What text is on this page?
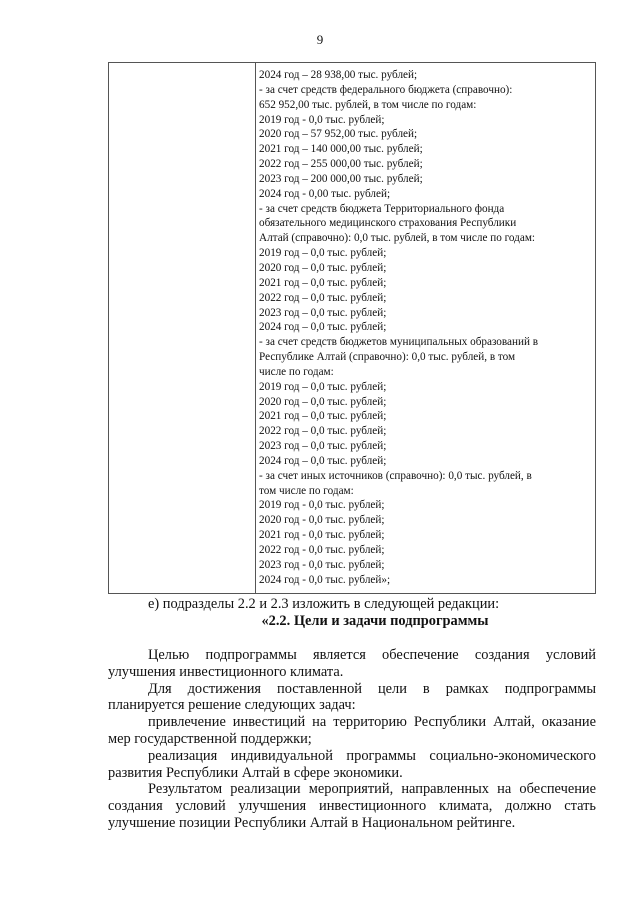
9
2024 год – 28 938,00 тыс. рублей;
- за счет средств федерального бюджета (справочно):
652 952,00 тыс. рублей, в том числе по годам:
2019 год - 0,0 тыс. рублей;
2020 год – 57 952,00 тыс. рублей;
2021 год – 140 000,00 тыс. рублей;
2022 год – 255 000,00 тыс. рублей;
2023 год – 200 000,00 тыс. рублей;
2024 год - 0,00 тыс. рублей;
- за счет средств бюджета Территориального фонда
обязательного медицинского страхования Республики
Алтай (справочно): 0,0 тыс. рублей, в том числе по годам:
2019 год – 0,0 тыс. рублей;
2020 год – 0,0 тыс. рублей;
2021 год – 0,0 тыс. рублей;
2022 год – 0,0 тыс. рублей;
2023 год – 0,0 тыс. рублей;
2024 год – 0,0 тыс. рублей;
- за счет средств бюджетов муниципальных образований в
Республике Алтай (справочно): 0,0 тыс. рублей, в том
числе по годам:
2019 год – 0,0 тыс. рублей;
2020 год – 0,0 тыс. рублей;
2021 год – 0,0 тыс. рублей;
2022 год – 0,0 тыс. рублей;
2023 год – 0,0 тыс. рублей;
2024 год – 0,0 тыс. рублей;
- за счет иных источников (справочно): 0,0 тыс. рублей, в
том числе по годам:
2019 год - 0,0 тыс. рублей;
2020 год - 0,0 тыс. рублей;
2021 год - 0,0 тыс. рублей;
2022 год - 0,0 тыс. рублей;
2023 год - 0,0 тыс. рублей;
2024 год - 0,0 тыс. рублей»;
е) подразделы 2.2 и 2.3 изложить в следующей редакции:
«2.2. Цели и задачи подпрограммы

Целью подпрограммы является обеспечение создания условий улучшения инвестиционного климата.

Для достижения поставленной цели в рамках подпрограммы планируется решение следующих задач:

привлечение инвестиций на территорию Республики Алтай, оказание мер государственной поддержки;

реализация индивидуальной программы социально-экономического развития Республики Алтай в сфере экономики.

Результатом реализации мероприятий, направленных на обеспечение создания условий улучшения инвестиционного климата, должно стать улучшение позиции Республики Алтай в Национальном рейтинге.
